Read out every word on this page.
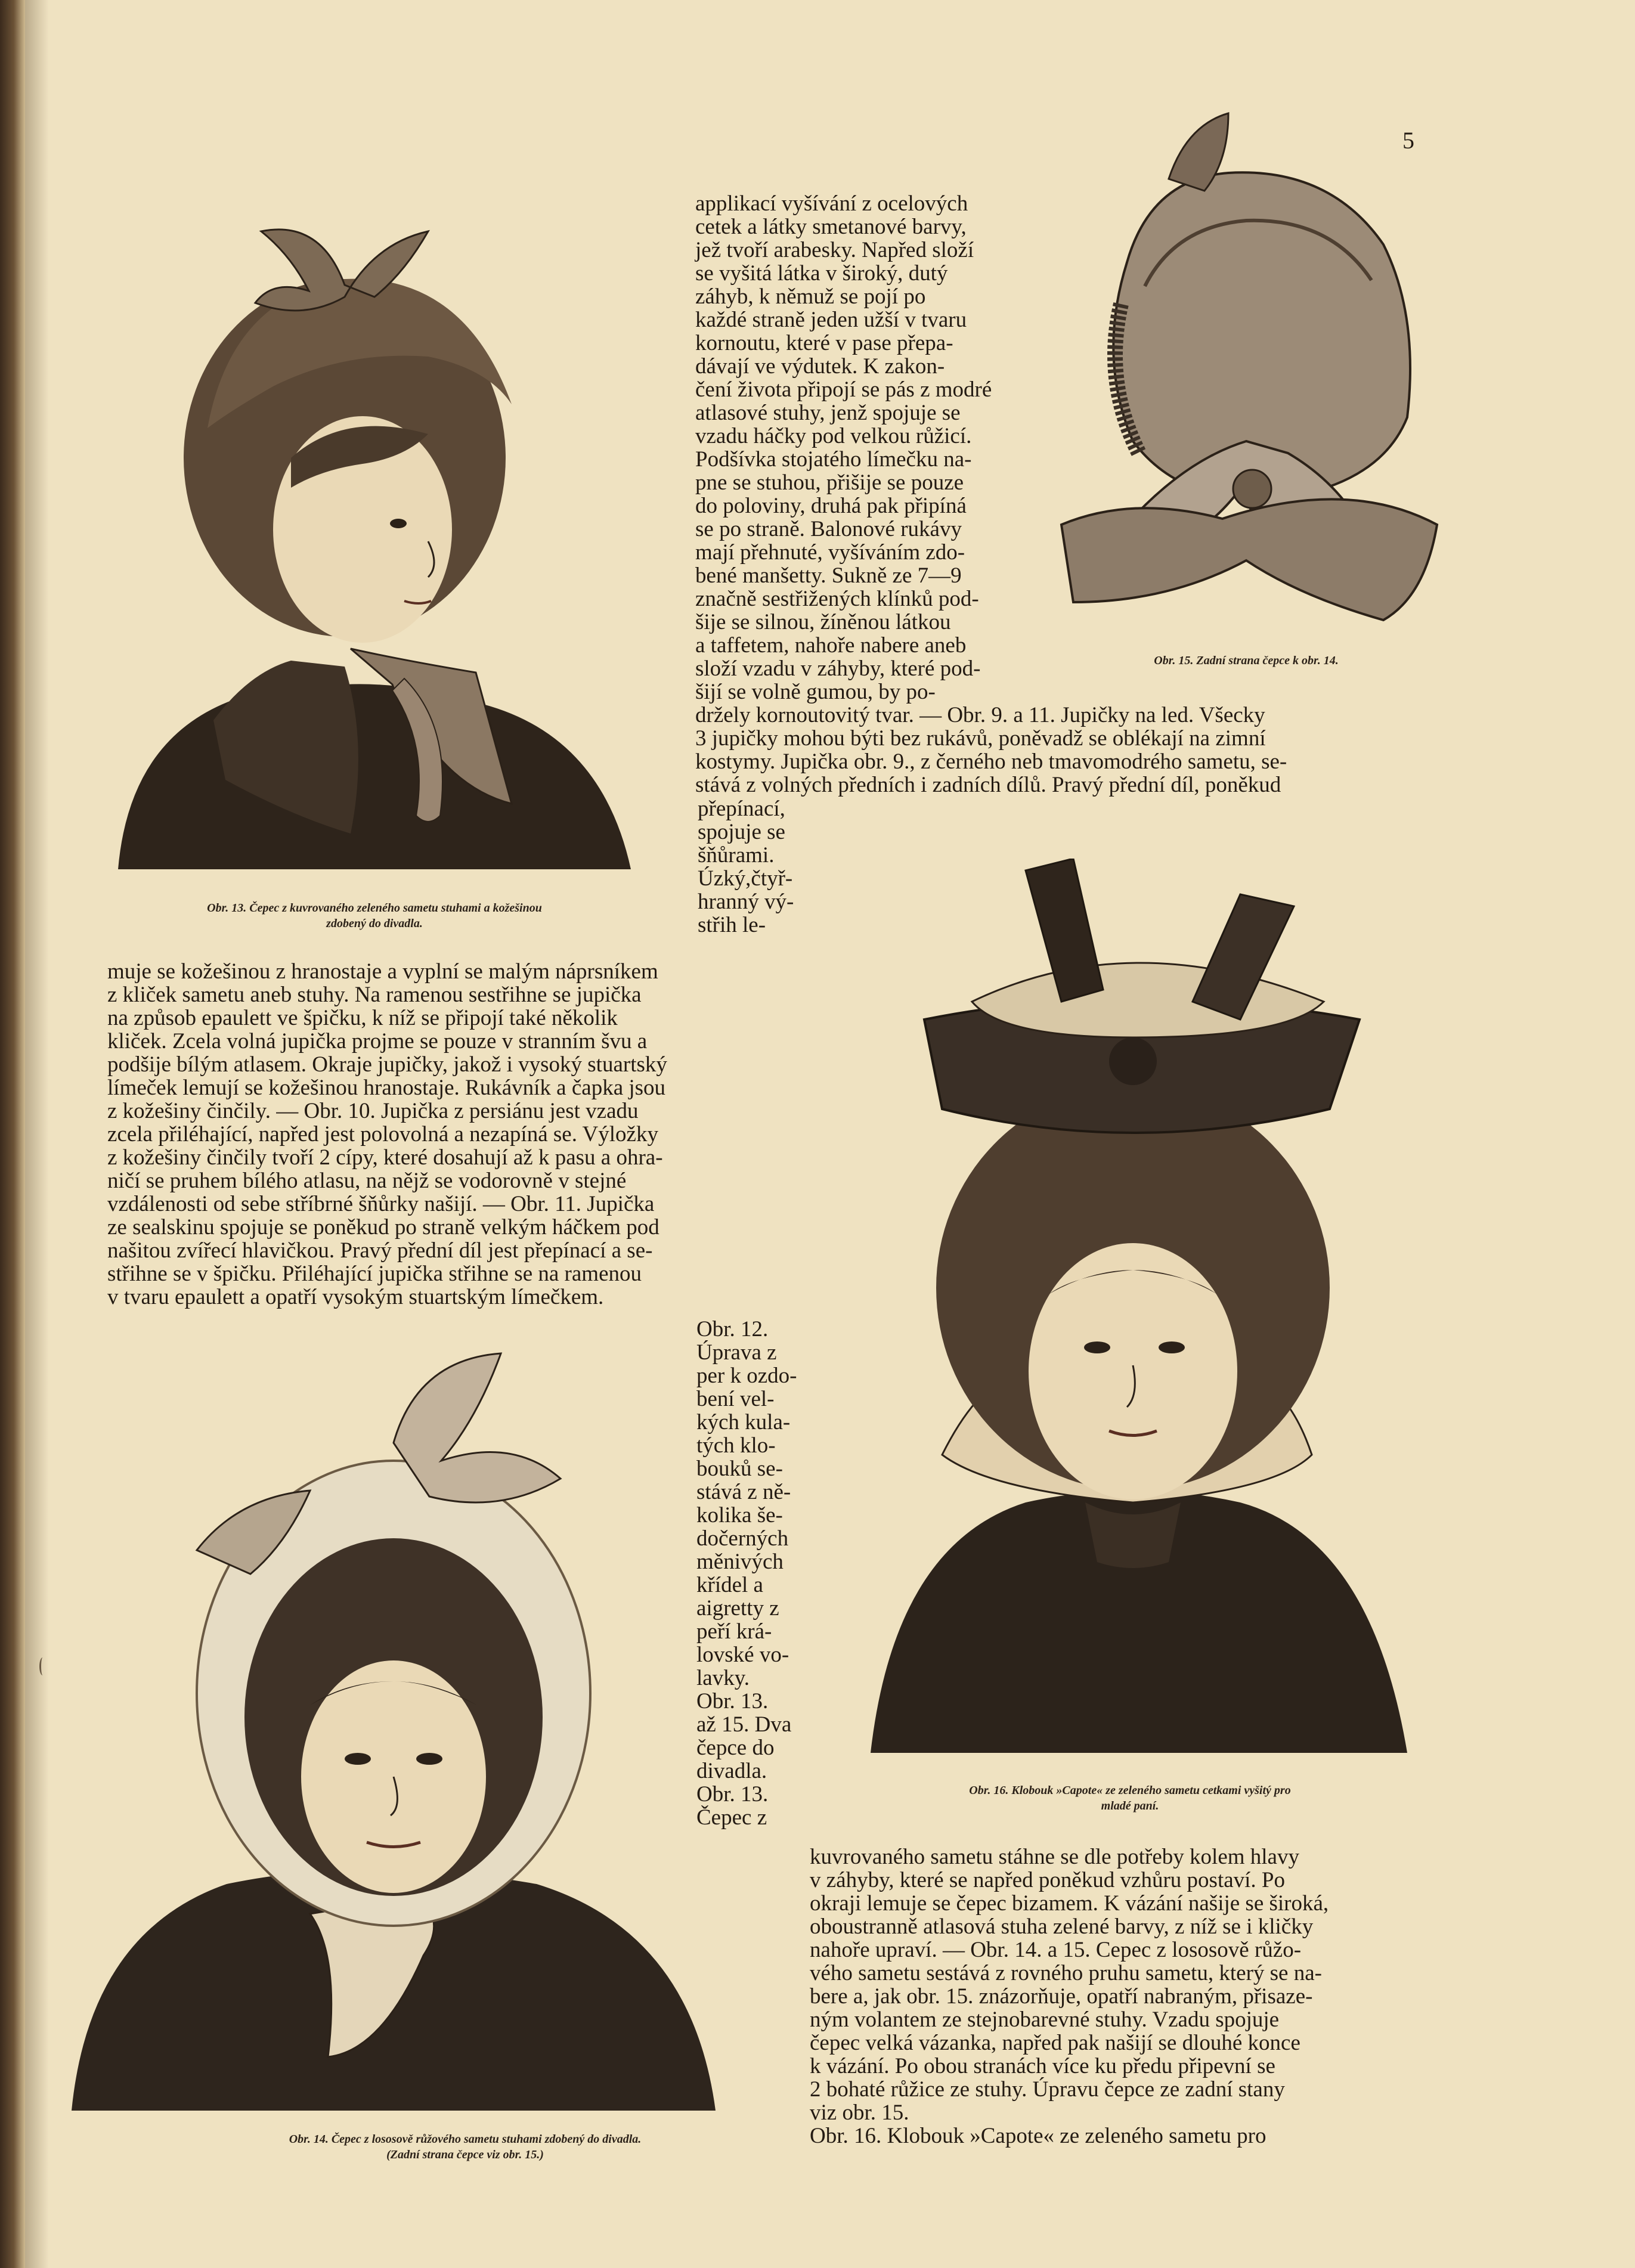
5

Obr. 13. Čepec z kuvrovaného zeleného sametu stuhami a kožešinou
zdobený do divadla.

Obr. 15. Zadní strana čepce k obr. 14.

applikací vyšívání z ocelových
cetek a látky smetanové barvy,
jež tvoří arabesky. Napřed složí
se vyšitá látka v široký, dutý
záhyb, k němuž se pojí po
každé straně jeden užší v tvaru
kornoutu, které v pase přepa-
dávají ve výdutek. K zakon-
čení života připojí se pás z modré
atlasové stuhy, jenž spojuje se
vzadu háčky pod velkou růžicí.
Podšívka stojatého límečku na-
pne se stuhou, přišije se pouze
do poloviny, druhá pak připíná
se po straně. Balonové rukávy
mají přehnuté, vyšíváním zdo-
bené manšetty. Sukně ze 7—9
značně sestřižených klínků pod-
šije se silnou, žíněnou látkou
a taffetem, nahoře nabere aneb
složí vzadu v záhyby, které pod-
šijí se volně gumou, by po-

držely kornoutovitý tvar. — Obr. 9. a 11. Jupičky na led. Všecky
3 jupičky mohou býti bez rukávů, poněvadž se oblékají na zimní
kostymy. Jupička obr. 9., z černého neb tmavomodrého sametu, se-
stává z volných předních i zadních dílů. Pravý přední díl, poněkud

přepínací,
spojuje se
šňůrami.
Úzký,čtyř-
hranný vý-
střih le-

Obr. 16. Klobouk »Capote« ze zeleného sametu cetkami vyšitý pro
mladé paní.

muje se kožešinou z hranostaje a vyplní se malým náprsníkem
z kliček sametu aneb stuhy. Na ramenou sestřihne se jupička
na způsob epaulett ve špičku, k níž se připojí také několik
kliček. Zcela volná jupička projme se pouze v stranním švu a
podšije bílým atlasem. Okraje jupičky, jakož i vysoký stuartský
límeček lemují se kožešinou hranostaje. Rukávník a čapka jsou
z kožešiny činčily. — Obr. 10. Jupička z persiánu jest vzadu
zcela přiléhající, napřed jest polovolná a nezapíná se. Výložky
z kožešiny činčily tvoří 2 cípy, které dosahují až k pasu a ohra-
ničí se pruhem bílého atlasu, na nějž se vodorovně v stejné
vzdálenosti od sebe stříbrné šňůrky našijí. — Obr. 11. Jupička
ze sealskinu spojuje se poněkud po straně velkým háčkem pod
našitou zvířecí hlavičkou. Pravý přední díl jest přepínací a se-
střihne se v špičku. Přiléhající jupička střihne se na ramenou
v tvaru epaulett a opatří vysokým stuartským límečkem.

Obr. 12.
Úprava z
per k ozdo-
bení vel-
kých kula-
tých klo-
bouků se-
stává z ně-
kolika še-
dočerných
měnivých
křídel a
aigretty z
peří krá-
lovské vo-
lavky.
Obr. 13.
až 15. Dva
čepce do
divadla.
Obr. 13.
Čepec z

Obr. 14. Čepec z lososově růžového sametu stuhami zdobený do divadla.
(Zadní strana čepce viz obr. 15.)

kuvrovaného sametu stáhne se dle potřeby kolem hlavy
v záhyby, které se napřed poněkud vzhůru postaví. Po
okraji lemuje se čepec bizamem. K vázání našije se široká,
oboustranně atlasová stuha zelené barvy, z níž se i kličky
nahoře upraví. — Obr. 14. a 15. Cepec z lososově růžo-
vého sametu sestává z rovného pruhu sametu, který se na-
bere a, jak obr. 15. znázorňuje, opatří nabraným, přisaze-
ným volantem ze stejnobarevné stuhy. Vzadu spojuje
čepec velká vázanka, napřed pak našijí se dlouhé konce
k vázání. Po obou stranách více ku předu připevní se
2 bohaté růžice ze stuhy. Úpravu čepce ze zadní stany
viz obr. 15.
Obr. 16. Klobouk »Capote« ze zeleného sametu pro
